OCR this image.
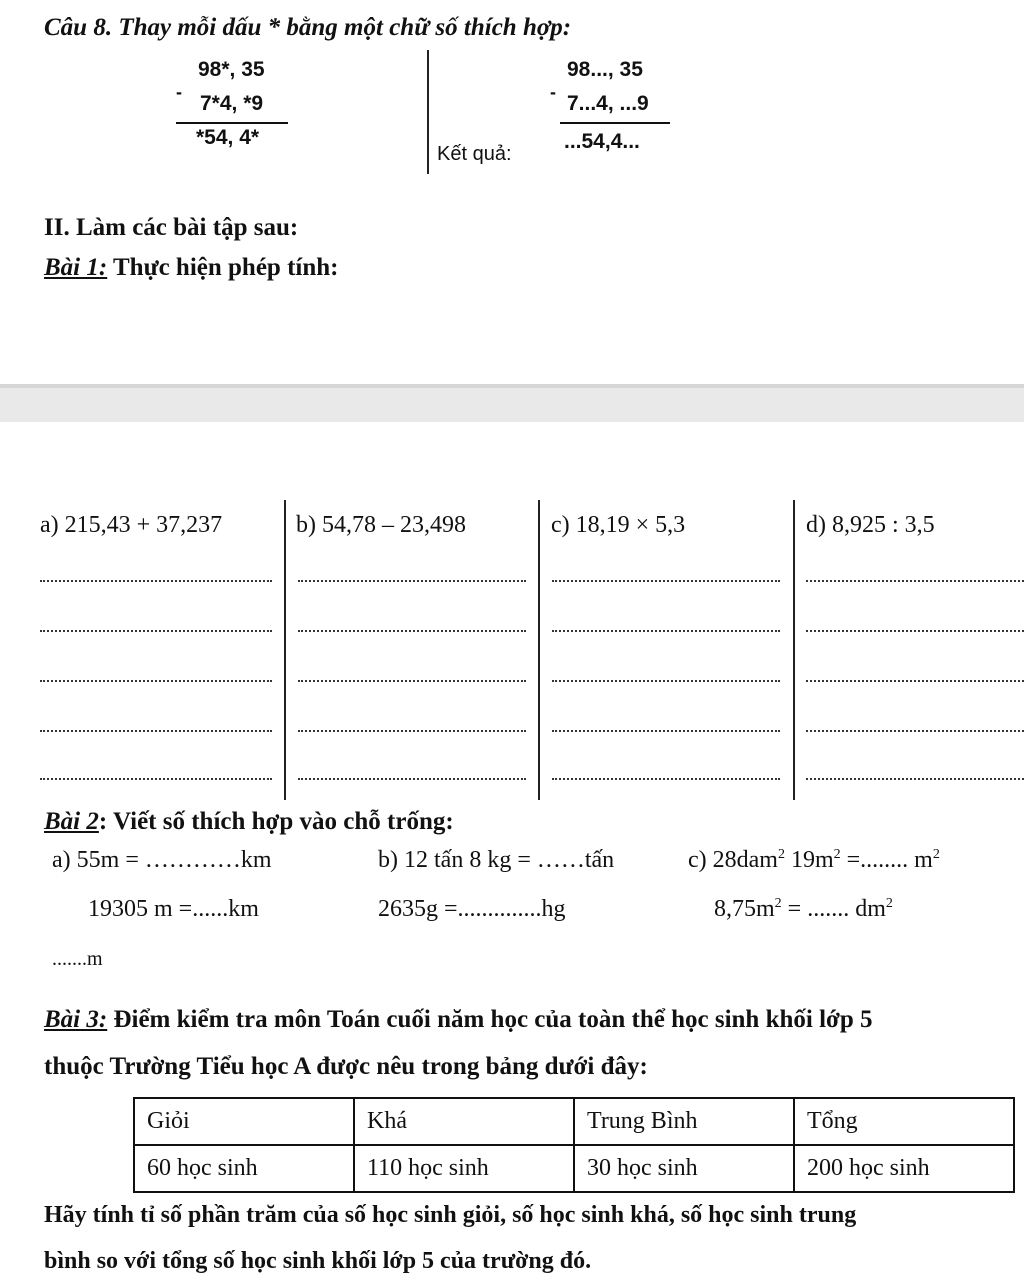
Câu 8. Thay mỗi dấu * bằng một chữ số thích hợp:
-
98*, 35
7*4, *9
*54, 4*
Kết quả:
-
98..., 35
7...4, ...9
...54,4...
II. Làm các bài tập sau:
Bài 1: Thực hiện phép tính:
a) 215,43 + 37,237	b) 54,78 – 23,498	c) 18,19 × 5,3	d) 8,925 : 3,5
Bài 2: Viết số thích hợp vào chỗ trống:
a) 55m = …………km	b) 12 tấn 8 kg = ……tấn	c) 28dam$^2$ $19m^2$ =........ $m^2$
19305 m =......km	2635g =..............hg	$8,75m^2$ = ....... $dm^2$
.......m
Bài 3: Điểm kiểm tra môn Toán cuối năm học của toàn thể học sinh khối lớp 5
thuộc Trường Tiểu học A được nêu trong bảng dưới đây:
Giỏi	Khá	Trung Bình	Tổng
60 học sinh	110 học sinh	30 học sinh	200 học sinh
Hãy tính tỉ số phần trăm của số học sinh giỏi, số học sinh khá, số học sinh trung
bình so với tổng số học sinh khối lớp 5 của trường đó.
